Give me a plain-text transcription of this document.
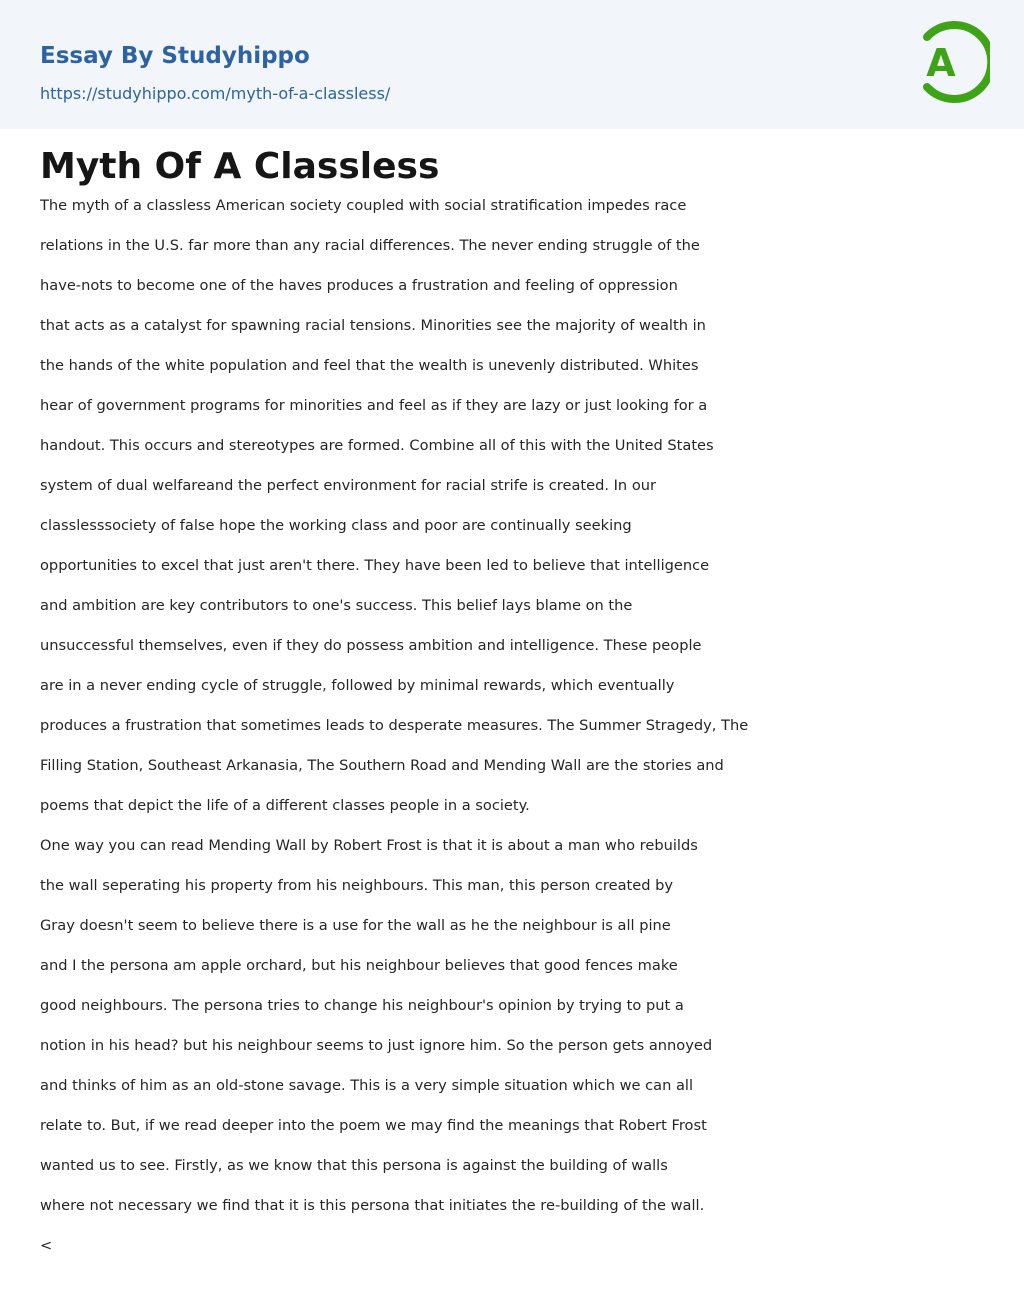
Essay By Studyhippo
https://studyhippo.com/myth-of-a-classless/
A
Myth Of A Classless
The myth of a classless American society coupled with social stratification impedes race
relations in the U.S. far more than any racial differences. The never ending struggle of the
have-nots to become one of the haves produces a frustration and feeling of oppression
that acts as a catalyst for spawning racial tensions. Minorities see the majority of wealth in
the hands of the white population and feel that the wealth is unevenly distributed. Whites
hear of government programs for minorities and feel as if they are lazy or just looking for a
handout. This occurs and stereotypes are formed. Combine all of this with the United States
system of dual welfareand the perfect environment for racial strife is created. In our
classlesssociety of false hope the working class and poor are continually seeking
opportunities to excel that just aren't there. They have been led to believe that intelligence
and ambition are key contributors to one's success. This belief lays blame on the
unsuccessful themselves, even if they do possess ambition and intelligence. These people
are in a never ending cycle of struggle, followed by minimal rewards, which eventually
produces a frustration that sometimes leads to desperate measures. The Summer Stragedy, The
Filling Station, Southeast Arkanasia, The Southern Road and Mending Wall are the stories and
poems that depict the life of a different classes people in a society.
One way you can read Mending Wall by Robert Frost is that it is about a man who rebuilds
the wall seperating his property from his neighbours. This man, this person created by
Gray doesn't seem to believe there is a use for the wall as he the neighbour is all pine
and I the persona am apple orchard, but his neighbour believes that good fences make
good neighbours. The persona tries to change his neighbour's opinion by trying to put a
notion in his head? but his neighbour seems to just ignore him. So the person gets annoyed
and thinks of him as an old-stone savage. This is a very simple situation which we can all
relate to. But, if we read deeper into the poem we may find the meanings that Robert Frost
wanted us to see. Firstly, as we know that this persona is against the building of walls
where not necessary we find that it is this persona that initiates the re-building of the wall.
<
